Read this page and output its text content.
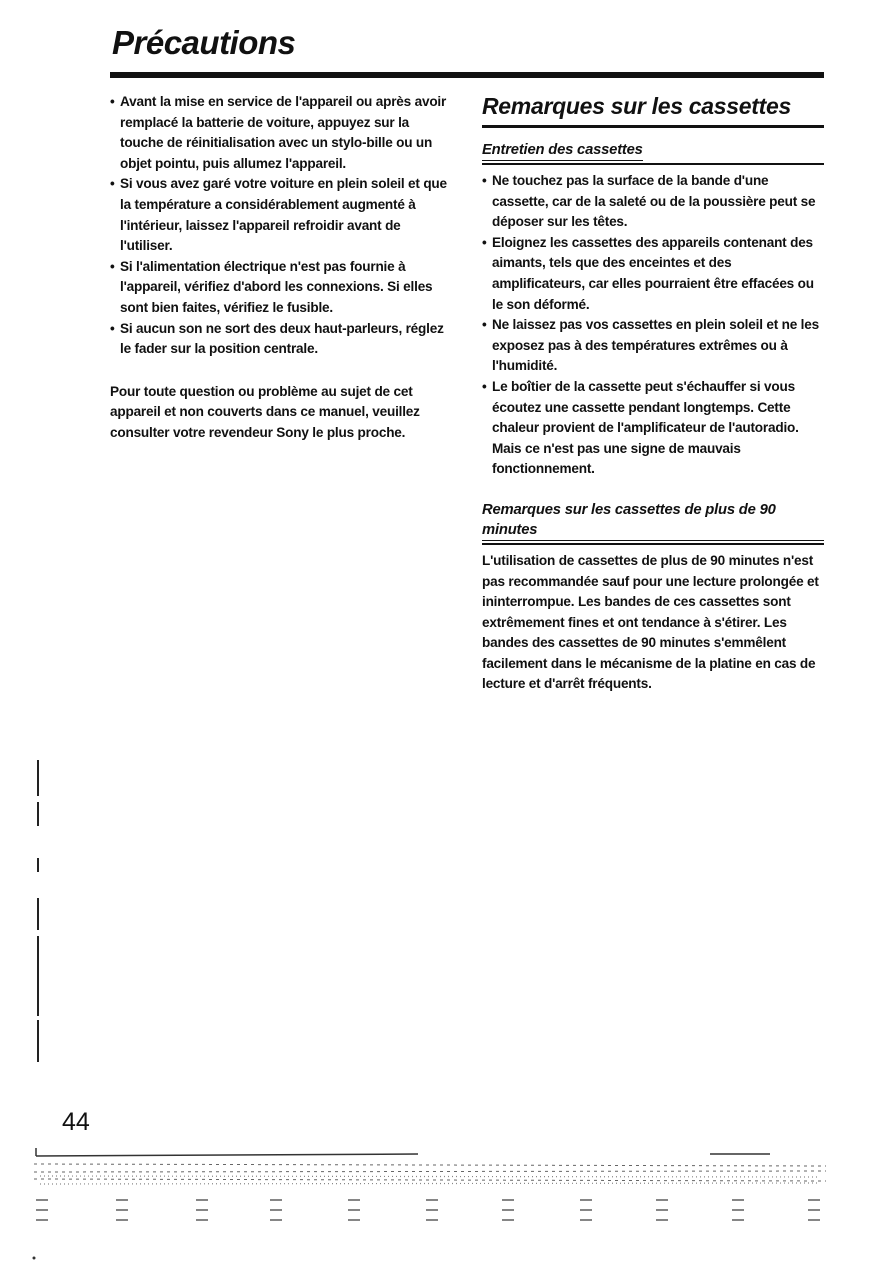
Précautions
• Avant la mise en service de l'appareil ou après avoir remplacé la batterie de voiture, appuyez sur la touche de réinitialisation avec un stylo-bille ou un objet pointu, puis allumez l'appareil.
• Si vous avez garé votre voiture en plein soleil et que la température a considérablement augmenté à l'intérieur, laissez l'appareil refroidir avant de l'utiliser.
• Si l'alimentation électrique n'est pas fournie à l'appareil, vérifiez d'abord les connexions. Si elles sont bien faites, vérifiez le fusible.
• Si aucun son ne sort des deux haut-parleurs, réglez le fader sur la position centrale.

Pour toute question ou problème au sujet de cet appareil et non couverts dans ce manuel, veuillez consulter votre revendeur Sony le plus proche.

Remarques sur les cassettes
Entretien des cassettes
• Ne touchez pas la surface de la bande d'une cassette, car de la saleté ou de la poussière peut se déposer sur les têtes.
• Eloignez les cassettes des appareils contenant des aimants, tels que des enceintes et des amplificateurs, car elles pourraient être effacées ou le son déformé.
• Ne laissez pas vos cassettes en plein soleil et ne les exposez pas à des températures extrêmes ou à l'humidité.
• Le boîtier de la cassette peut s'échauffer si vous écoutez une cassette pendant longtemps. Cette chaleur provient de l'amplificateur de l'autoradio. Mais ce n'est pas une signe de mauvais fonctionnement.
Remarques sur les cassettes de plus de 90 minutes

L'utilisation de cassettes de plus de 90 minutes n'est pas recommandée sauf pour une lecture prolongée et ininterrompue. Les bandes de ces cassettes sont extrêmement fines et ont tendance à s'étirer. Les bandes des cassettes de 90 minutes s'emmêlent facilement dans le mécanisme de la platine en cas de lecture et d'arrêt fréquents.

44
